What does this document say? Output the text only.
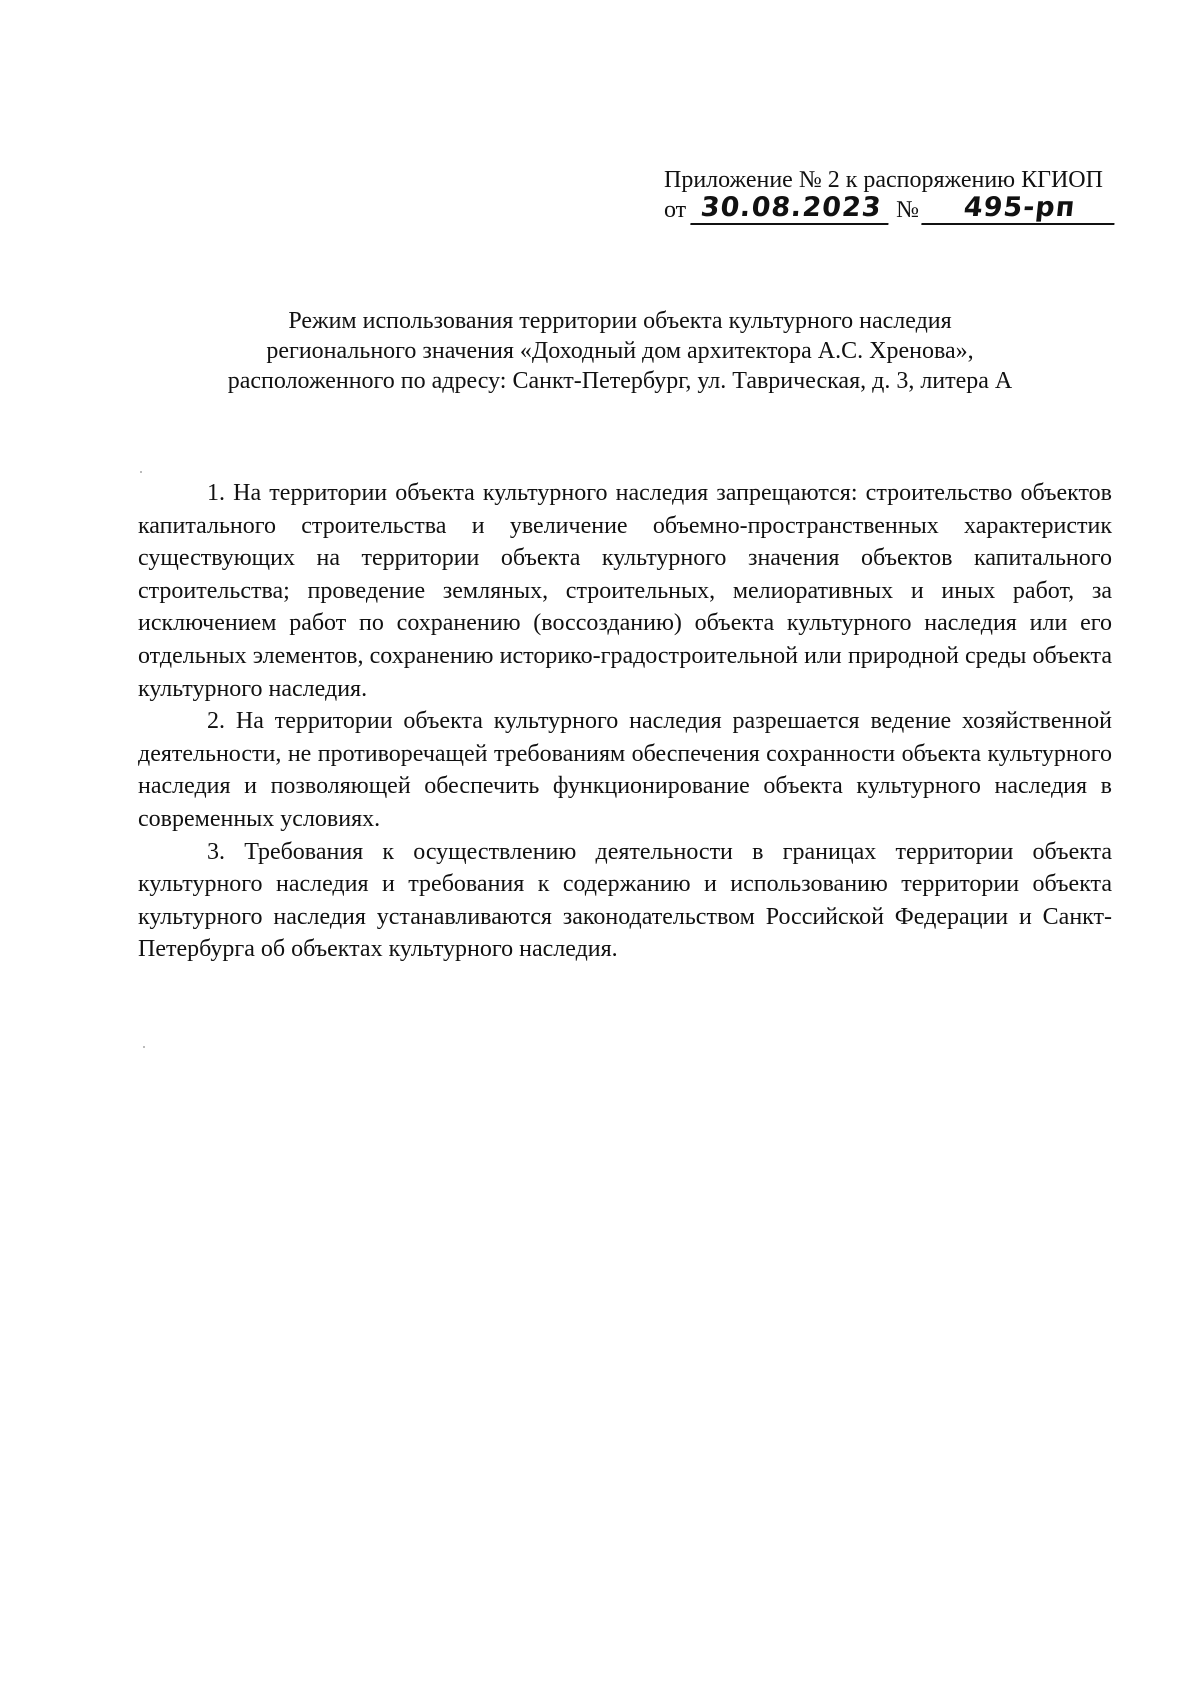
Приложение № 2 к распоряжению КГИОП
от 30.08.2023 №	495-рп
Режим использования территории объекта культурного наследия
регионального значения «Доходный дом архитектора А.С. Хренова»,
расположенного по адресу: Санкт-Петербург, ул. Таврическая, д. 3, литера А

1. На территории объекта культурного наследия запрещаются: строительство объектов капитального строительства и увеличение объемно-пространственных характеристик существующих на территории объекта культурного значения объектов капитального строительства; проведение земляных, строительных, мелиоративных и иных работ, за исключением работ по сохранению (воссозданию) объекта культурного наследия или его отдельных элементов, сохранению историко-градостроительной или природной среды объекта культурного наследия.

2. На территории объекта культурного наследия разрешается ведение хозяйственной деятельности, не противоречащей требованиям обеспечения сохранности объекта культурного наследия и позволяющей обеспечить функционирование объекта культурного наследия в современных условиях.

3. Требования к осуществлению деятельности в границах территории объекта культурного наследия и требования к содержанию и использованию территории объекта культурного наследия устанавливаются законодательством Российской Федерации и Санкт-Петербурга об объектах культурного наследия.
